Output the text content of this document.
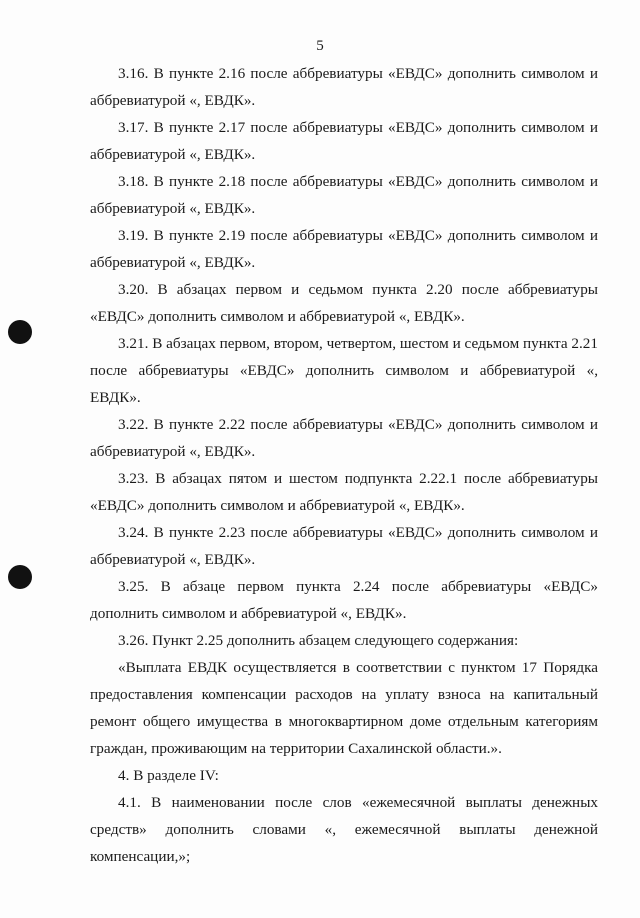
5

3.16. В пункте 2.16 после аббревиатуры «ЕВДС» дополнить символом и аббревиатурой «, ЕВДК».

3.17. В пункте 2.17 после аббревиатуры «ЕВДС» дополнить символом и аббревиатурой «, ЕВДК».

3.18. В пункте 2.18 после аббревиатуры «ЕВДС» дополнить символом и аббревиатурой «, ЕВДК».

3.19. В пункте 2.19 после аббревиатуры «ЕВДС» дополнить символом и аббревиатурой «, ЕВДК».

3.20. В абзацах первом и седьмом пункта 2.20 после аббревиатуры «ЕВДС» дополнить символом и аббревиатурой «, ЕВДК».

3.21. В абзацах первом, втором, четвертом, шестом и седьмом пункта 2.21 после аббревиатуры «ЕВДС» дополнить символом и аббревиатурой «, ЕВДК».

3.22. В пункте 2.22 после аббревиатуры «ЕВДС» дополнить символом и аббревиатурой «, ЕВДК».

3.23. В абзацах пятом и шестом подпункта 2.22.1 после аббревиатуры «ЕВДС» дополнить символом и аббревиатурой «, ЕВДК».

3.24. В пункте 2.23 после аббревиатуры «ЕВДС» дополнить символом и аббревиатурой «, ЕВДК».

3.25. В абзаце первом пункта 2.24 после аббревиатуры «ЕВДС» дополнить символом и аббревиатурой «, ЕВДК».

3.26. Пункт 2.25 дополнить абзацем следующего содержания:

«Выплата ЕВДК осуществляется в соответствии с пунктом 17 Порядка предоставления компенсации расходов на уплату взноса на капитальный ремонт общего имущества в многоквартирном доме отдельным категориям граждан, проживающим на территории Сахалинской области.».

4. В разделе IV:

4.1. В наименовании после слов «ежемесячной выплаты денежных средств» дополнить словами «, ежемесячной выплаты денежной компенсации,»;
